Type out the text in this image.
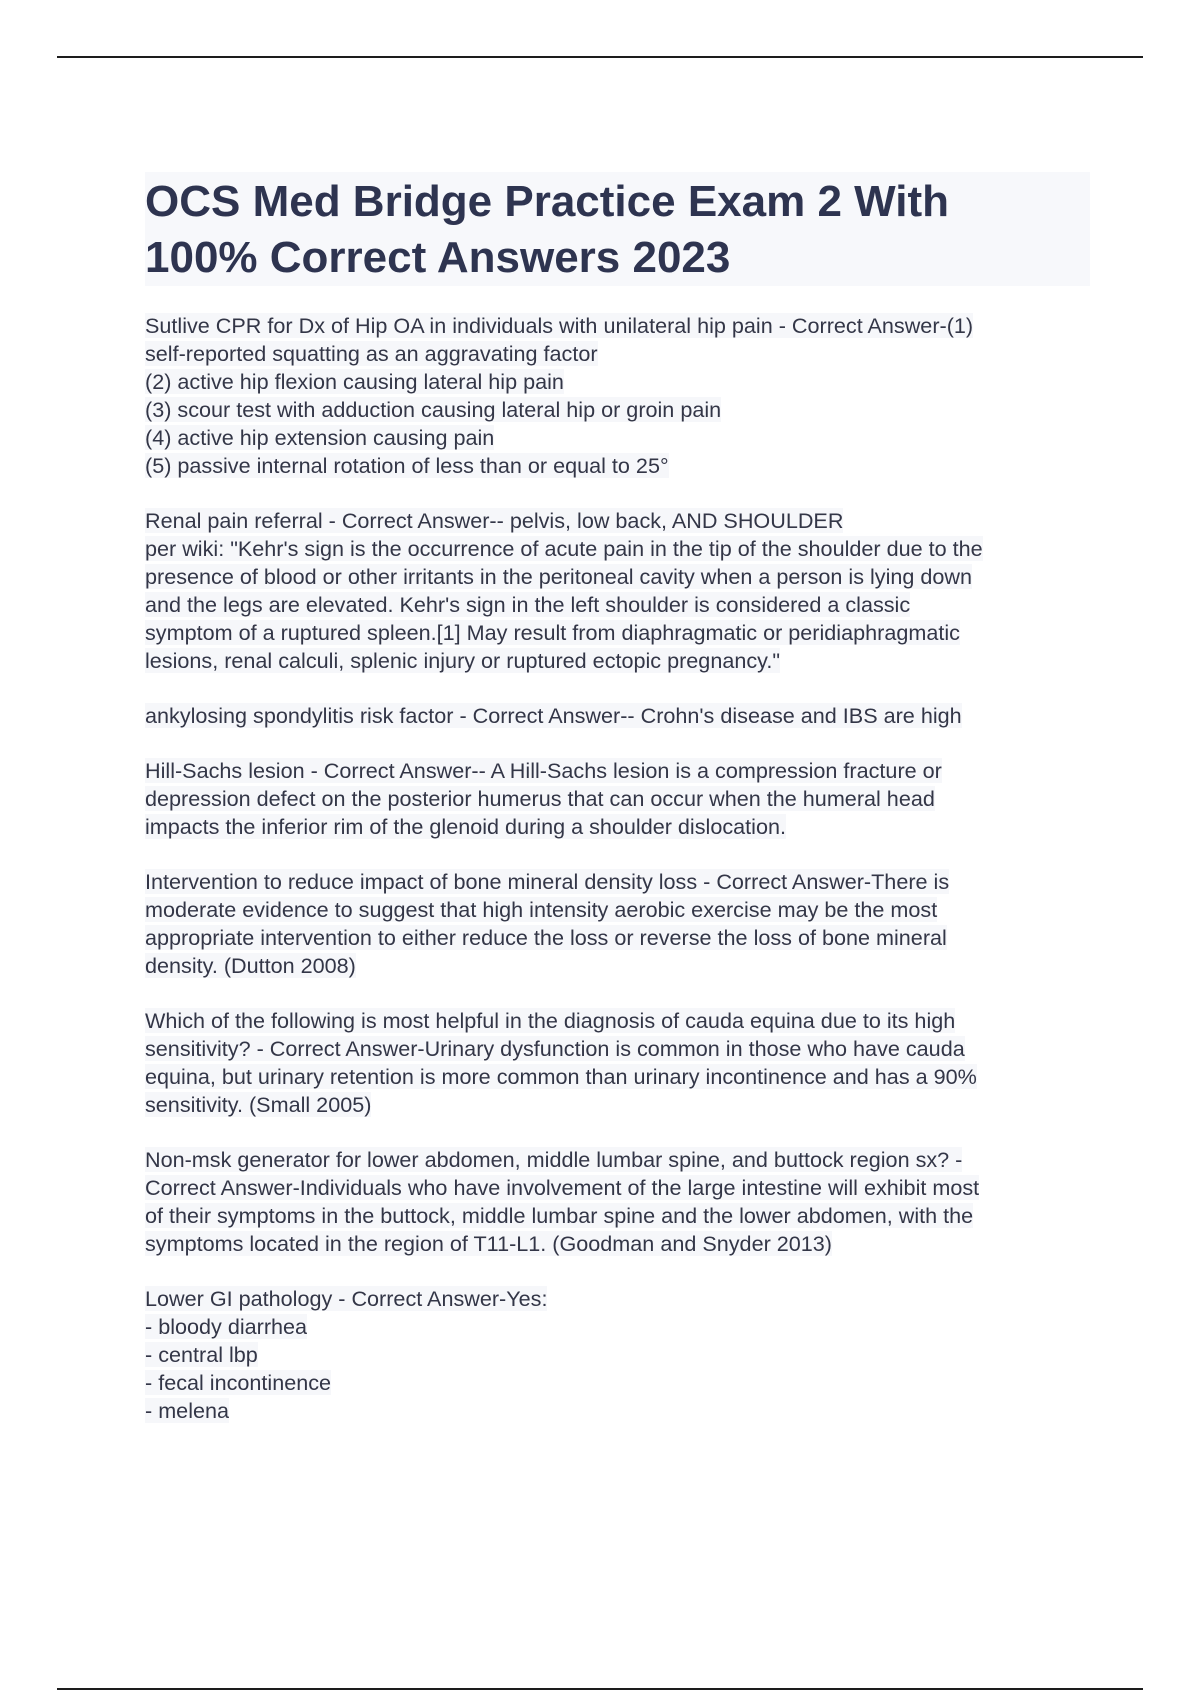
OCS Med Bridge Practice Exam 2 With
100% Correct Answers 2023
Sutlive CPR for Dx of Hip OA in individuals with unilateral hip pain - Correct Answer-(1)
self-reported squatting as an aggravating factor
(2) active hip flexion causing lateral hip pain
(3) scour test with adduction causing lateral hip or groin pain
(4) active hip extension causing pain
(5) passive internal rotation of less than or equal to 25°
Renal pain referral - Correct Answer-- pelvis, low back, AND SHOULDER
per wiki: "Kehr's sign is the occurrence of acute pain in the tip of the shoulder due to the
presence of blood or other irritants in the peritoneal cavity when a person is lying down
and the legs are elevated. Kehr's sign in the left shoulder is considered a classic
symptom of a ruptured spleen.[1] May result from diaphragmatic or peridiaphragmatic
lesions, renal calculi, splenic injury or ruptured ectopic pregnancy."
ankylosing spondylitis risk factor - Correct Answer-- Crohn's disease and IBS are high
Hill-Sachs lesion - Correct Answer-- A Hill-Sachs lesion is a compression fracture or
depression defect on the posterior humerus that can occur when the humeral head
impacts the inferior rim of the glenoid during a shoulder dislocation.
Intervention to reduce impact of bone mineral density loss - Correct Answer-There is
moderate evidence to suggest that high intensity aerobic exercise may be the most
appropriate intervention to either reduce the loss or reverse the loss of bone mineral
density. (Dutton 2008)
Which of the following is most helpful in the diagnosis of cauda equina due to its high
sensitivity? - Correct Answer-Urinary dysfunction is common in those who have cauda
equina, but urinary retention is more common than urinary incontinence and has a 90%
sensitivity. (Small 2005)
Non-msk generator for lower abdomen, middle lumbar spine, and buttock region sx? -
Correct Answer-Individuals who have involvement of the large intestine will exhibit most
of their symptoms in the buttock, middle lumbar spine and the lower abdomen, with the
symptoms located in the region of T11-L1. (Goodman and Snyder 2013)
Lower GI pathology - Correct Answer-Yes:
- bloody diarrhea
- central lbp
- fecal incontinence
- melena
